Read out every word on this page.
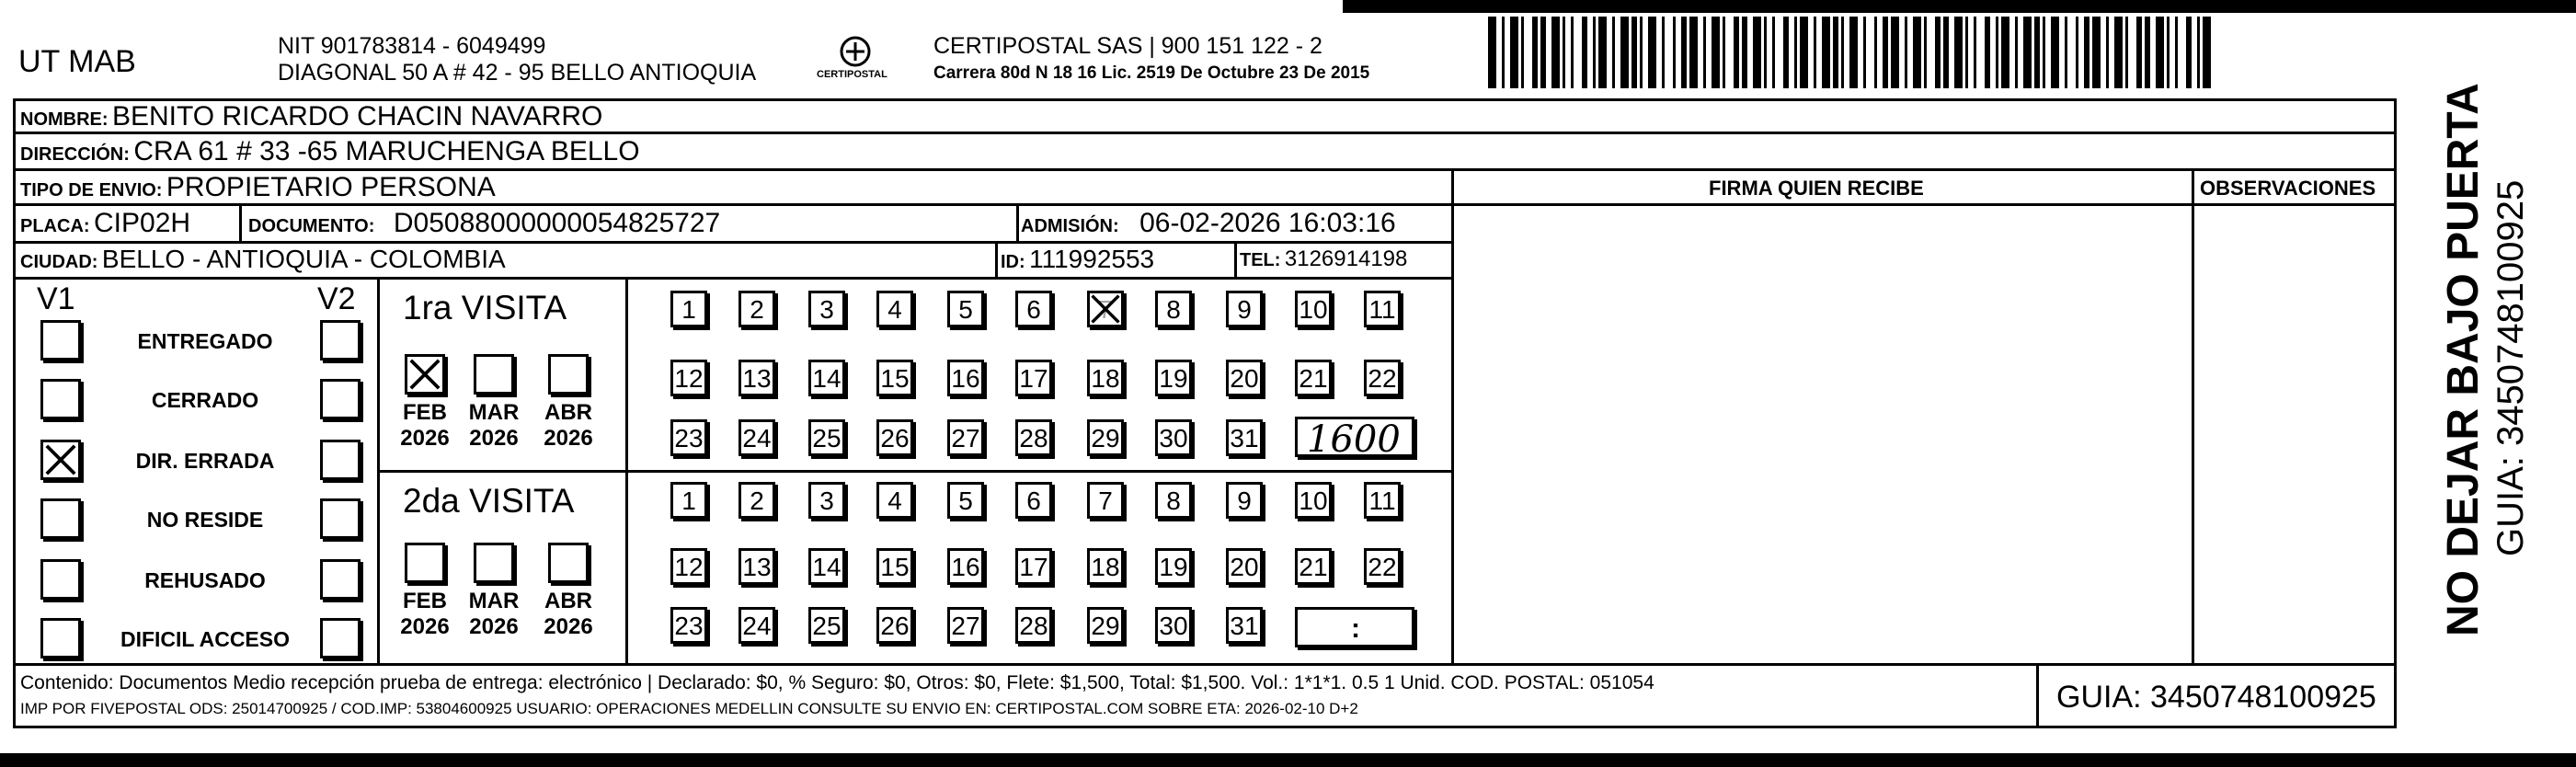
UT MAB	NIT 901783814 - 6049499
DIAGONAL 50 A # 42 - 95 BELLO ANTIOQUIA	CERTIPOSTAL
CERTIPOSTAL SAS | 900 151 122 - 2
Carrera 80d N 18 16 Lic. 2519 De Octubre 23 De 2015
NOMBRE: BENITO RICARDO CHACIN NAVARRO
DIRECCIÓN: CRA 61 # 33 -65 MARUCHENGA BELLO
TIPO DE ENVIO: PROPIETARIO PERSONA	FIRMA QUIEN RECIBE	OBSERVACIONES
PLACA: CIP02H	DOCUMENTO: D05088000000054825727	ADMISIÓN: 06-02-2026 16:03:16
CIUDAD: BELLO - ANTIOQUIA - COLOMBIA	ID: 111992553	TEL: 3126914198
V1	V2
ENTREGADO
CERRADO
DIR. ERRADA
NO RESIDE
REHUSADO
DIFICIL ACCESO
1ra VISITA
2da VISITA
FEB
2026
MAR
2026
ABR
2026
FEB
2026
MAR
2026
ABR
2026
1	2	3	4	5	6	7	8	9	10 11
12 13 14 15 16 17 18 19 20 21 22
23 24 25 26 27 28 29 30 31
1	2	3	4	5	6	7	8	9	10 11
12 13 14 15 16 17 18 19 20 21 22
23 24 25 26 27 28 29 30 31
1600
:
Contenido: Documentos Medio recepción prueba de entrega: electrónico | Declarado: $0, % Seguro: $0, Otros: $0, Flete: $1,500, Total: $1,500. Vol.: 1*1*1. 0.5 1 Unid. COD. POSTAL: 051054
IMP POR FIVEPOSTAL ODS: 25014700925 / COD.IMP: 53804600925 USUARIO: OPERACIONES MEDELLIN CONSULTE SU ENVIO EN: CERTIPOSTAL.COM SOBRE ETA: 2026-02-10 D+2	GUIA: 3450748100925
NO DEJAR BAJO PUERTA GUIA: 3450748100925
